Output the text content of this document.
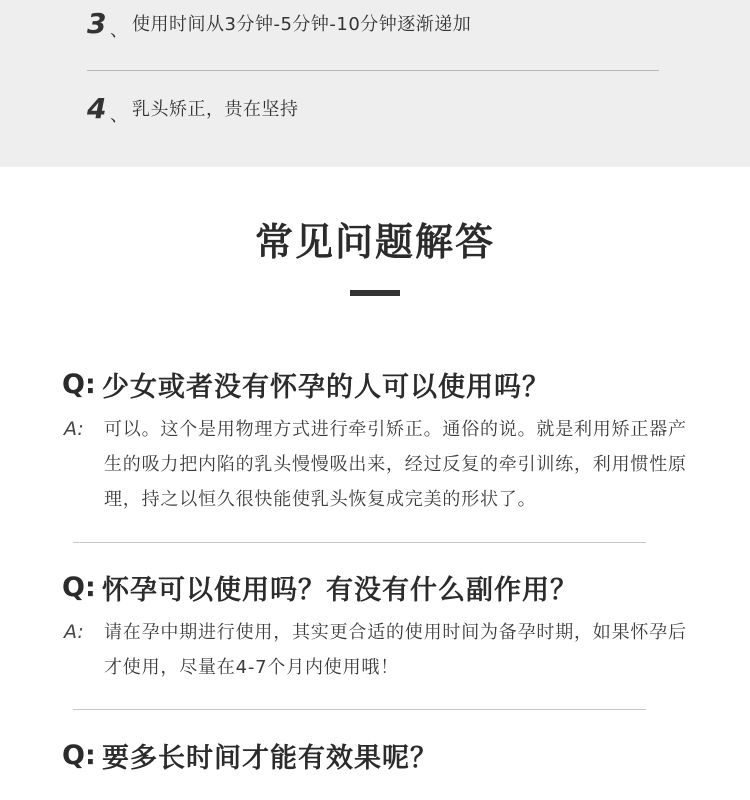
3 、 使用时间从3分钟-5分钟-10分钟逐渐递加
4 、 乳头矫正，贵在坚持
常见问题解答
Q: 少女或者没有怀孕的人可以使用吗？
A: 可以。这个是用物理方式进行牵引矫正。通俗的说。就是利用矫正器产生的吸力把内陷的乳头慢慢吸出来，经过反复的牵引训练，利用惯性原理，持之以恒久很快能使乳头恢复成完美的形状了。
Q: 怀孕可以使用吗？有没有什么副作用？
A: 请在孕中期进行使用，其实更合适的使用时间为备孕时期，如果怀孕后才使用，尽量在4-7个月内使用哦！
Q: 要多长时间才能有效果呢？
